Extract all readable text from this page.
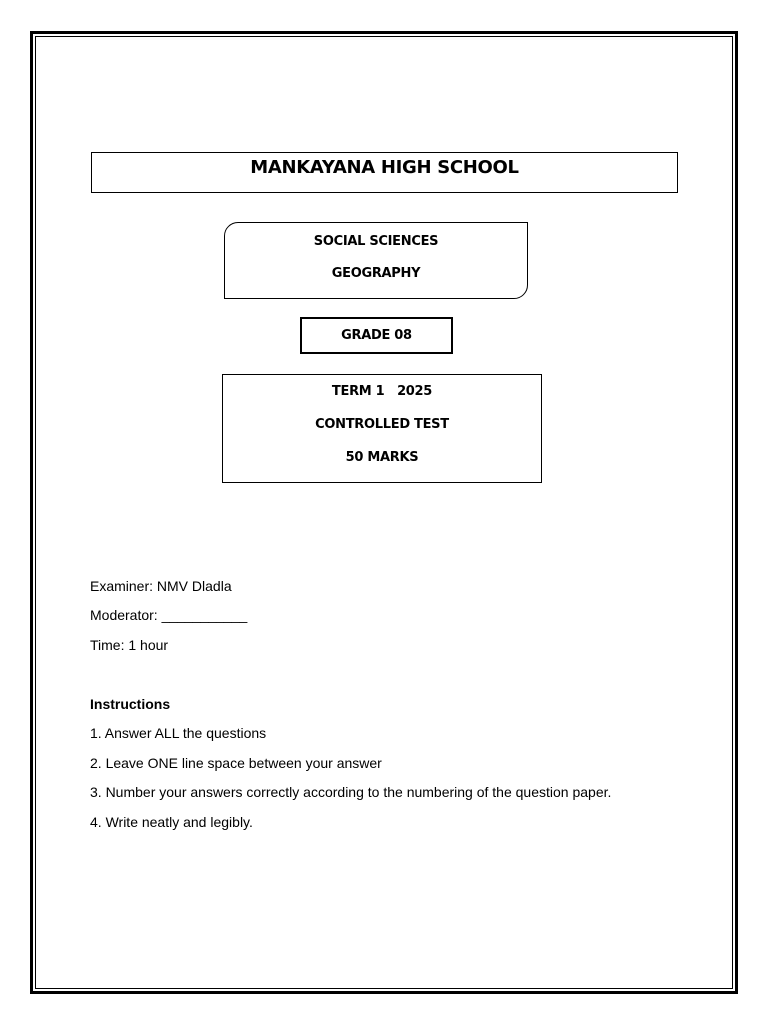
MANKAYANA HIGH SCHOOL
SOCIAL SCIENCES
GEOGRAPHY
GRADE 08
TERM 1   2025
CONTROLLED TEST
50 MARKS
Examiner: NMV Dladla
Moderator: ___________
Time: 1 hour
Instructions
1. Answer ALL the questions
2. Leave ONE line space between your answer
3. Number your answers correctly according to the numbering of the question paper.
4. Write neatly and legibly.
